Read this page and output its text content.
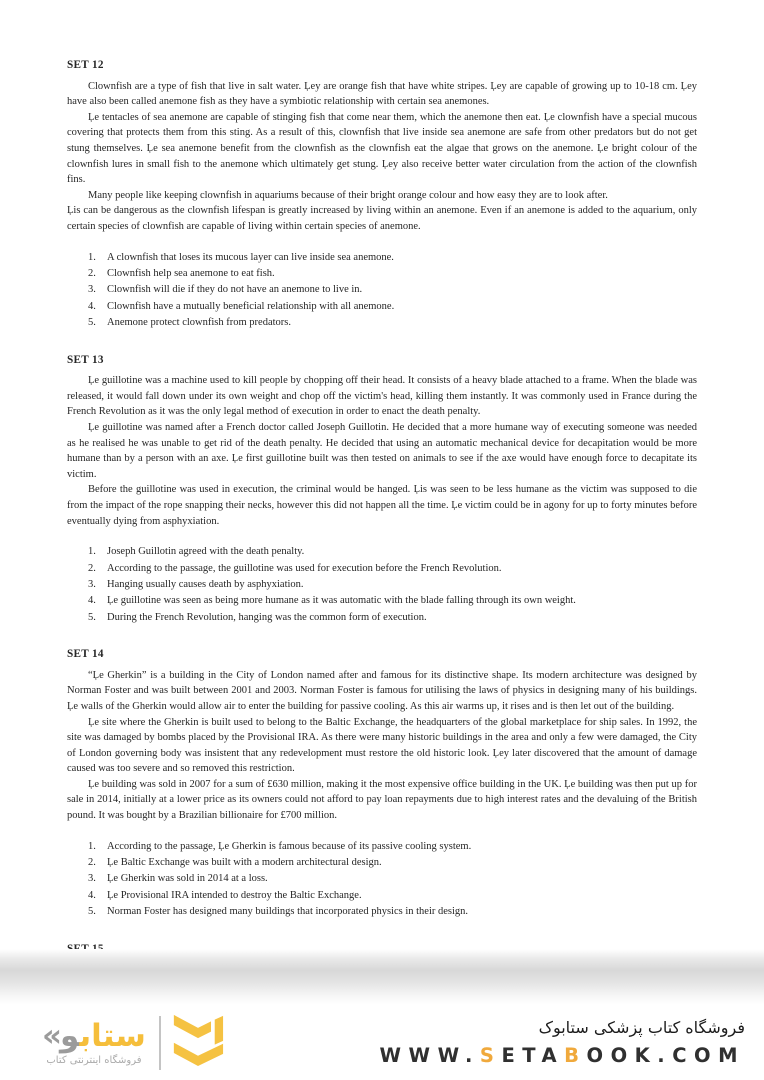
SET 12

Clownfish are a type of fish that live in salt water. Ļey are orange fish that have white stripes. Ļey are capable of growing up to 10-18 cm. Ļey have also been called anemone fish as they have a symbiotic relationship with certain sea anemones.

Ļe tentacles of sea anemone are capable of stinging fish that come near them, which the anemone then eat. Ļe clownfish have a special mucous covering that protects them from this sting. As a result of this, clownfish that live inside sea anemone are safe from other predators but do not get stung themselves. Ļe sea anemone benefit from the clownfish as the clownfish eat the algae that grows on the anemone. Ļe bright colour of the clownfish lures in small fish to the anemone which ultimately get stung. Ļey also receive better water circulation from the action of the clownfish fins.

Many people like keeping clownfish in aquariums because of their bright orange colour and how easy they are to look after.

Ļis can be dangerous as the clownfish lifespan is greatly increased by living within an anemone. Even if an anemone is added to the aquarium, only certain species of clownfish are capable of living within certain species of anemone.

1.	A clownfish that loses its mucous layer can live inside sea anemone.
2.	Clownfish help sea anemone to eat fish.
3.	Clownfish will die if they do not have an anemone to live in.
4.	Clownfish have a mutually beneficial relationship with all anemone.
5.	Anemone protect clownfish from predators.
SET 13

Ļe guillotine was a machine used to kill people by chopping off their head. It consists of a heavy blade attached to a frame. When the blade was released, it would fall down under its own weight and chop off the victim's head, killing them instantly. It was commonly used in France during the French Revolution as it was the only legal method of execution in order to enact the death penalty.

Ļe guillotine was named after a French doctor called Joseph Guillotin. He decided that a more humane way of executing someone was needed as he realised he was unable to get rid of the death penalty. He decided that using an automatic mechanical device for decapitation would be more humane than by a person with an axe. Ļe first guillotine built was then tested on animals to see if the axe would have enough force to decapitate its victim.

Before the guillotine was used in execution, the criminal would be hanged. Ļis was seen to be less humane as the victim was supposed to die from the impact of the rope snapping their necks, however this did not happen all the time. Ļe victim could be in agony for up to forty minutes before eventually dying from asphyxiation.

1.	Joseph Guillotin agreed with the death penalty.
2.	According to the passage, the guillotine was used for execution before the French Revolution.
3.	Hanging usually causes death by asphyxiation.
4.	Ļe guillotine was seen as being more humane as it was automatic with the blade falling through its own weight.
5.	During the French Revolution, hanging was the common form of execution.
SET 14

“Ļe Gherkin” is a building in the City of London named after and famous for its distinctive shape. Its modern architecture was designed by Norman Foster and was built between 2001 and 2003. Norman Foster is famous for utilising the laws of physics in designing many of his buildings. Ļe walls of the Gherkin would allow air to enter the building for passive cooling. As this air warms up, it rises and is then let out of the building.

Ļe site where the Gherkin is built used to belong to the Baltic Exchange, the headquarters of the global marketplace for ship sales. In 1992, the site was damaged by bombs placed by the Provisional IRA. As there were many historic buildings in the area and only a few were damaged, the City of London governing body was insistent that any redevelopment must restore the old historic look. Ļey later discovered that the amount of damage caused was too severe and so removed this restriction.

Ļe building was sold in 2007 for a sum of £630 million, making it the most expensive office building in the UK. Ļe building was then put up for sale in 2014, initially at a lower price as its owners could not afford to pay loan repayments due to high interest rates and the devaluing of the British pound. It was bought by a Brazilian billionaire for £700 million.

1.	According to the passage, Ļe Gherkin is famous because of its passive cooling system.
2.	Ļe Baltic Exchange was built with a modern architectural design.
3.	Ļe Gherkin was sold in 2014 at a loss.
4.	Ļe Provisional IRA intended to destroy the Baltic Exchange.
5.	Norman Foster has designed many buildings that incorporated physics in their design.

« ستابو
فروشگاه اینترنتی کتاب
فروشگاه کتاب پزشکی ستابوک
WWW.SETABOOK.COM
